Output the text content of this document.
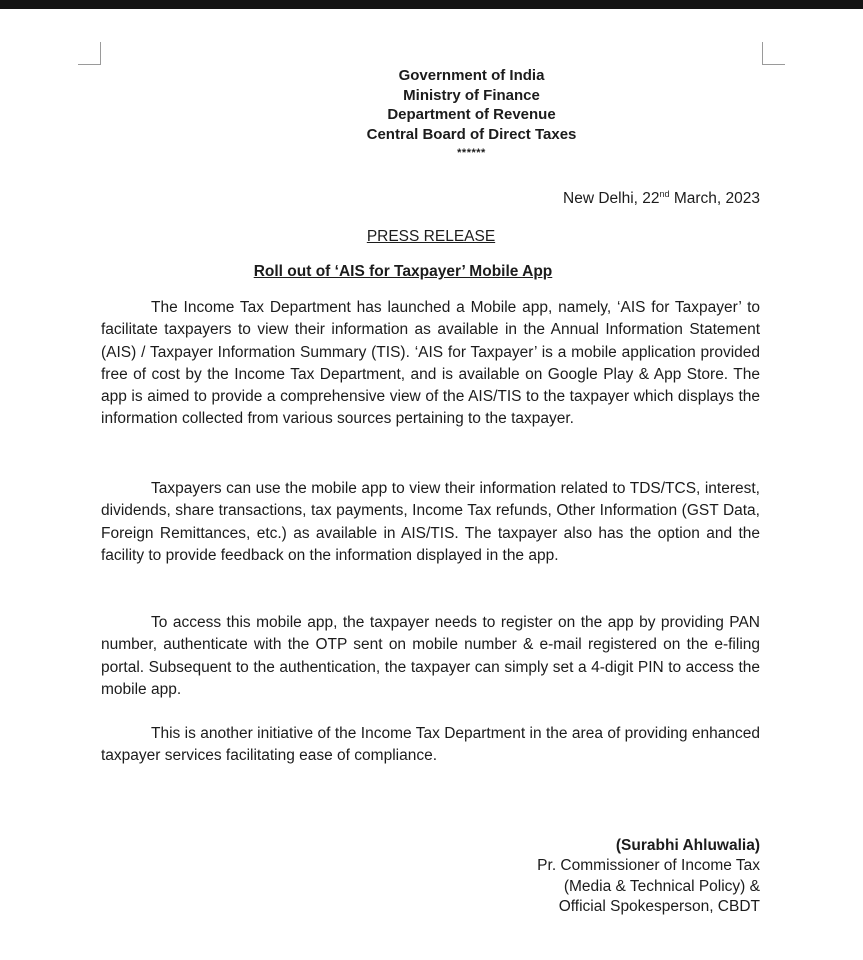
Government of India
Ministry of Finance
Department of Revenue
Central Board of Direct Taxes
******
New Delhi, 22nd March, 2023
PRESS RELEASE
Roll out of ‘AIS for Taxpayer’ Mobile App

The Income Tax Department has launched a Mobile app, namely, ‘AIS for Taxpayer’ to facilitate taxpayers to view their information as available in the Annual Information Statement (AIS) / Taxpayer Information Summary (TIS). ‘AIS for Taxpayer’ is a mobile application provided free of cost by the Income Tax Department, and is available on Google Play & App Store. The app is aimed to provide a comprehensive view of the AIS/TIS to the taxpayer which displays the information collected from various sources pertaining to the taxpayer.

Taxpayers can use the mobile app to view their information related to TDS/TCS, interest, dividends, share transactions, tax payments, Income Tax refunds, Other Information (GST Data, Foreign Remittances, etc.) as available in AIS/TIS. The taxpayer also has the option and the facility to provide feedback on the information displayed in the app.

To access this mobile app, the taxpayer needs to register on the app by providing PAN number, authenticate with the OTP sent on mobile number & e-mail registered on the e-filing portal. Subsequent to the authentication, the taxpayer can simply set a 4-digit PIN to access the mobile app.

This is another initiative of the Income Tax Department in the area of providing enhanced taxpayer services facilitating ease of compliance.

(Surabhi Ahluwalia)
Pr. Commissioner of Income Tax
(Media & Technical Policy) &
Official Spokesperson, CBDT
